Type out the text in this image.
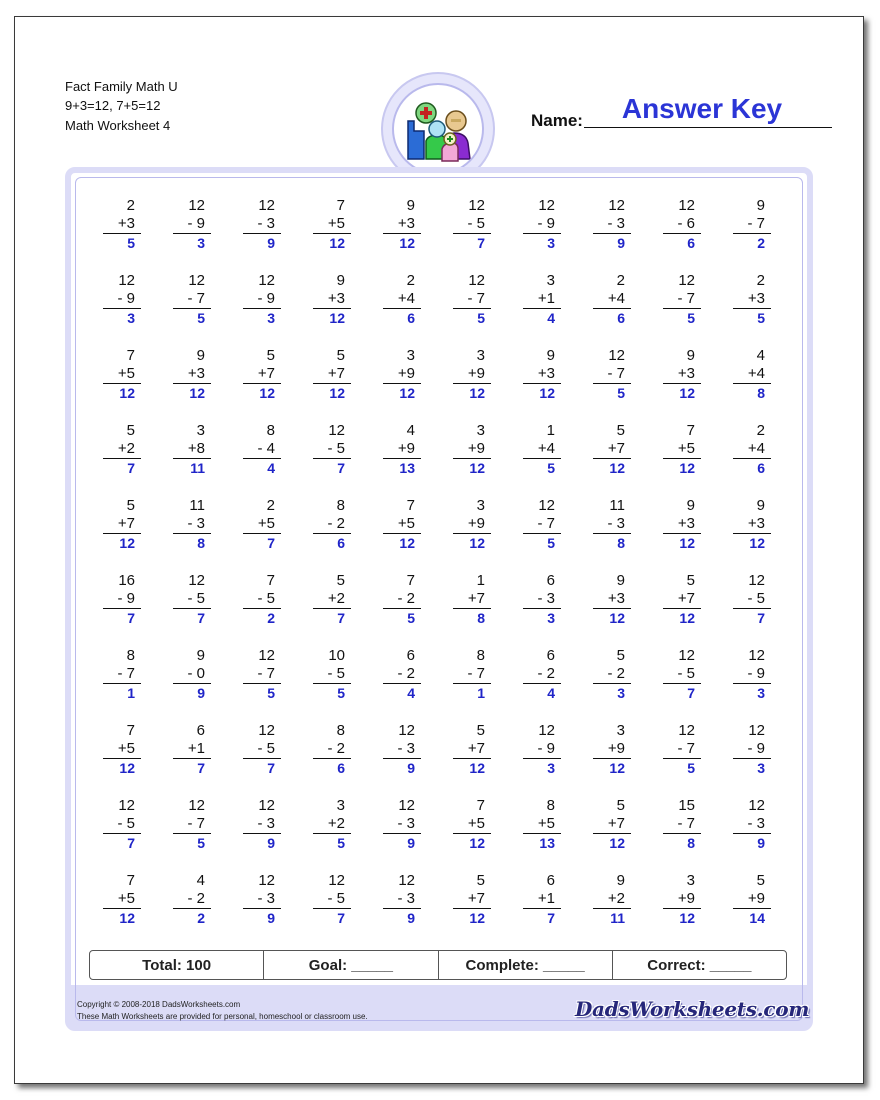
Fact Family Math U
9+3=12, 7+5=12
Math Worksheet 4
Answer Key
Name:
2
+3
5
12
- 9
3
12
- 3
9
7
+5
12
9
+3
12
12
- 5
7
12
- 9
3
12
- 3
9
12
- 6
6
9
- 7
2
12
- 9
3
12
- 7
5
12
- 9
3
9
+3
12
2
+4
6
12
- 7
5
3
+1
4
2
+4
6
12
- 7
5
2
+3
5
7
+5
12
9
+3
12
5
+7
12
5
+7
12
3
+9
12
3
+9
12
9
+3
12
12
- 7
5
9
+3
12
4
+4
8
5
+2
7
3
+8
11
8
- 4
4
12
- 5
7
4
+9
13
3
+9
12
1
+4
5
5
+7
12
7
+5
12
2
+4
6
5
+7
12
11
- 3
8
2
+5
7
8
- 2
6
7
+5
12
3
+9
12
12
- 7
5
11
- 3
8
9
+3
12
9
+3
12
16
- 9
7
12
- 5
7
7
- 5
2
5
+2
7
7
- 2
5
1
+7
8
6
- 3
3
9
+3
12
5
+7
12
12
- 5
7
8
- 7
1
9
- 0
9
12
- 7
5
10
- 5
5
6
- 2
4
8
- 7
1
6
- 2
4
5
- 2
3
12
- 5
7
12
- 9
3
7
+5
12
6
+1
7
12
- 5
7
8
- 2
6
12
- 3
9
5
+7
12
12
- 9
3
3
+9
12
12
- 7
5
12
- 9
3
12
- 5
7
12
- 7
5
12
- 3
9
3
+2
5
12
- 3
9
7
+5
12
8
+5
13
5
+7
12
15
- 7
8
12
- 3
9
7
+5
12
4
- 2
2
12
- 3
9
12
- 5
7
12
- 3
9
5
+7
12
6
+1
7
9
+2
11
3
+9
12
5
+9
14
Total: 100	Goal: _____	Complete: _____	Correct: _____
Copyright © 2008-2018 DadsWorksheets.com
These Math Worksheets are provided for personal, homeschool or classroom use.	DadsWorksheets.com
